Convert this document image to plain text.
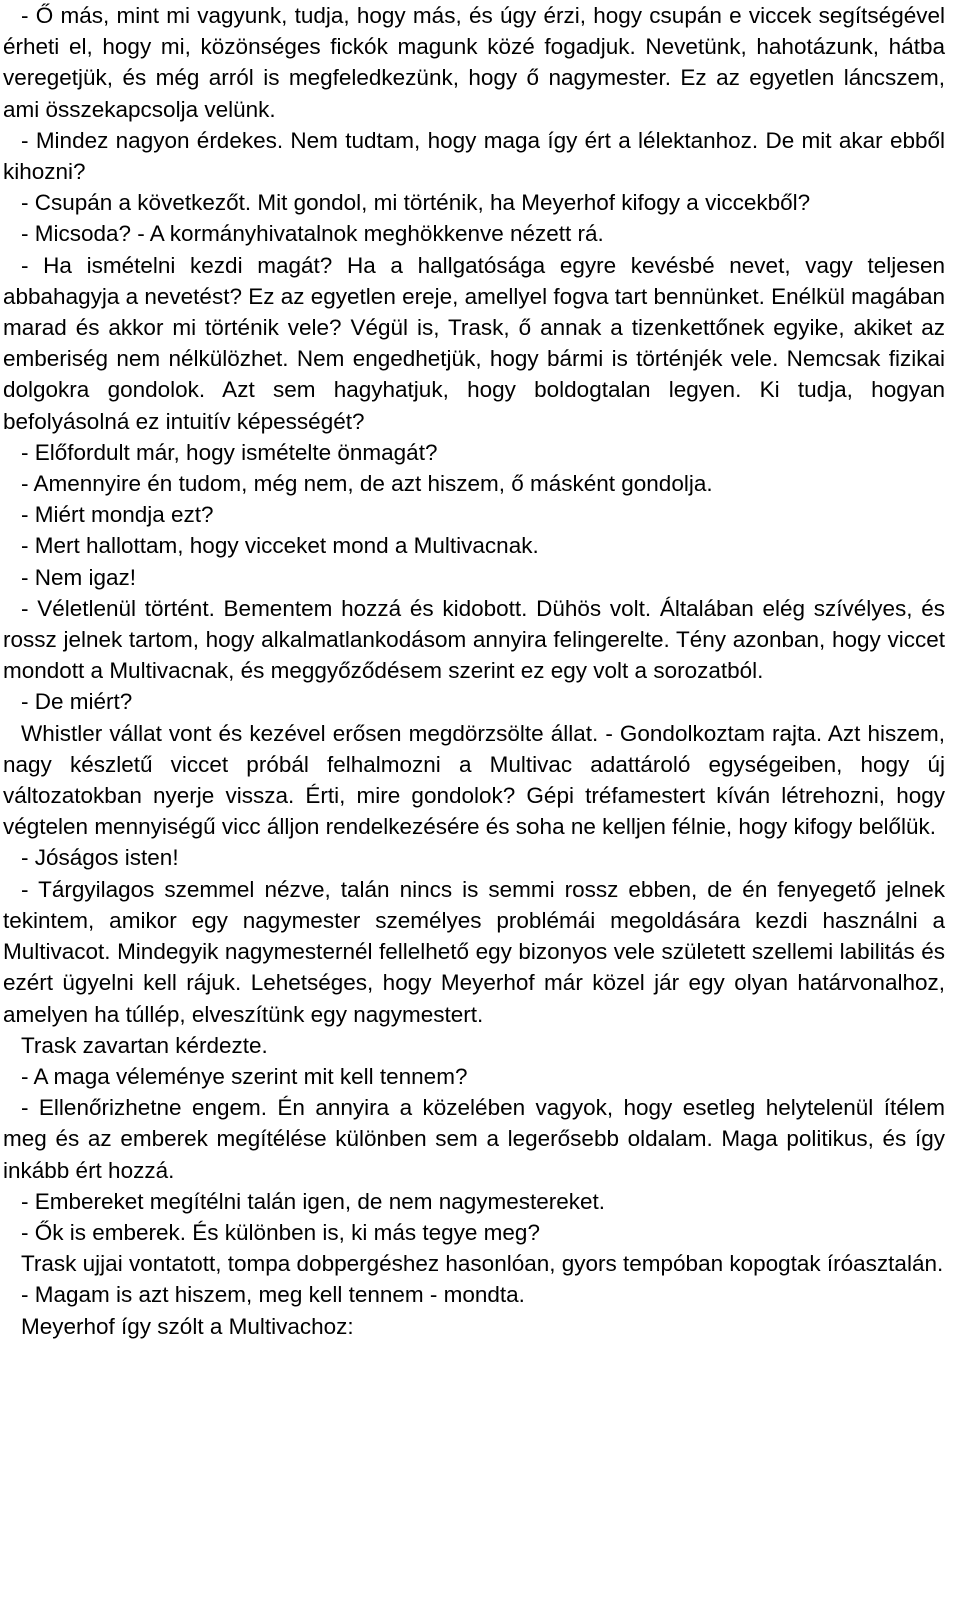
- Ő más, mint mi vagyunk, tudja, hogy más, és úgy érzi, hogy csupán e viccek segítségével érheti el, hogy mi, közönséges fickók magunk közé fogadjuk. Nevetünk, hahotázunk, hátba veregetjük, és még arról is megfeledkezünk, hogy ő nagymester. Ez az egyetlen láncszem, ami összekapcsolja velünk.

- Mindez nagyon érdekes. Nem tudtam, hogy maga így ért a lélektanhoz. De mit akar ebből kihozni?

- Csupán a következőt. Mit gondol, mi történik, ha Meyerhof kifogy a viccekből?

- Micsoda? - A kormányhivatalnok meghökkenve nézett rá.

- Ha ismételni kezdi magát? Ha a hallgatósága egyre kevésbé nevet, vagy teljesen abbahagyja a nevetést? Ez az egyetlen ereje, amellyel fogva tart bennünket. Enélkül magában marad és akkor mi történik vele? Végül is, Trask, ő annak a tizenkettőnek egyike, akiket az emberiség nem nélkülözhet. Nem engedhetjük, hogy bármi is történjék vele. Nemcsak fizikai dolgokra gondolok. Azt sem hagyhatjuk, hogy boldogtalan legyen. Ki tudja, hogyan befolyásolná ez intuitív képességét?

- Előfordult már, hogy ismételte önmagát?

- Amennyire én tudom, még nem, de azt hiszem, ő másként gondolja.

- Miért mondja ezt?

- Mert hallottam, hogy vicceket mond a Multivacnak.

- Nem igaz!

- Véletlenül történt. Bementem hozzá és kidobott. Dühös volt. Általában elég szívélyes, és rossz jelnek tartom, hogy alkalmatlankodásom annyira felingerelte. Tény azonban, hogy viccet mondott a Multivacnak, és meggyőződésem szerint ez egy volt a sorozatból.

- De miért?

Whistler vállat vont és kezével erősen megdörzsölte állat. - Gondolkoztam rajta. Azt hiszem, nagy készletű viccet próbál felhalmozni a Multivac adattároló egységeiben, hogy új változatokban nyerje vissza. Érti, mire gondolok? Gépi tréfamestert kíván létrehozni, hogy végtelen mennyiségű vicc álljon rendelkezésére és soha ne kelljen félnie, hogy kifogy belőlük.

- Jóságos isten!

- Tárgyilagos szemmel nézve, talán nincs is semmi rossz ebben, de én fenyegető jelnek tekintem, amikor egy nagymester személyes problémái megoldására kezdi használni a Multivacot. Mindegyik nagymesternél fellelhető egy bizonyos vele született szellemi labilitás és ezért ügyelni kell rájuk. Lehetséges, hogy Meyerhof már közel jár egy olyan határvonalhoz, amelyen ha túllép, elveszítünk egy nagymestert.

Trask zavartan kérdezte.

- A maga véleménye szerint mit kell tennem?

- Ellenőrizhetne engem. Én annyira a közelében vagyok, hogy esetleg helytelenül ítélem meg és az emberek megítélése különben sem a legerősebb oldalam. Maga politikus, és így inkább ért hozzá.

- Embereket megítélni talán igen, de nem nagymestereket.

- Ők is emberek. És különben is, ki más tegye meg?

Trask ujjai vontatott, tompa dobpergéshez hasonlóan, gyors tempóban kopogtak íróasztalán.

- Magam is azt hiszem, meg kell tennem - mondta.

Meyerhof így szólt a Multivachoz:
